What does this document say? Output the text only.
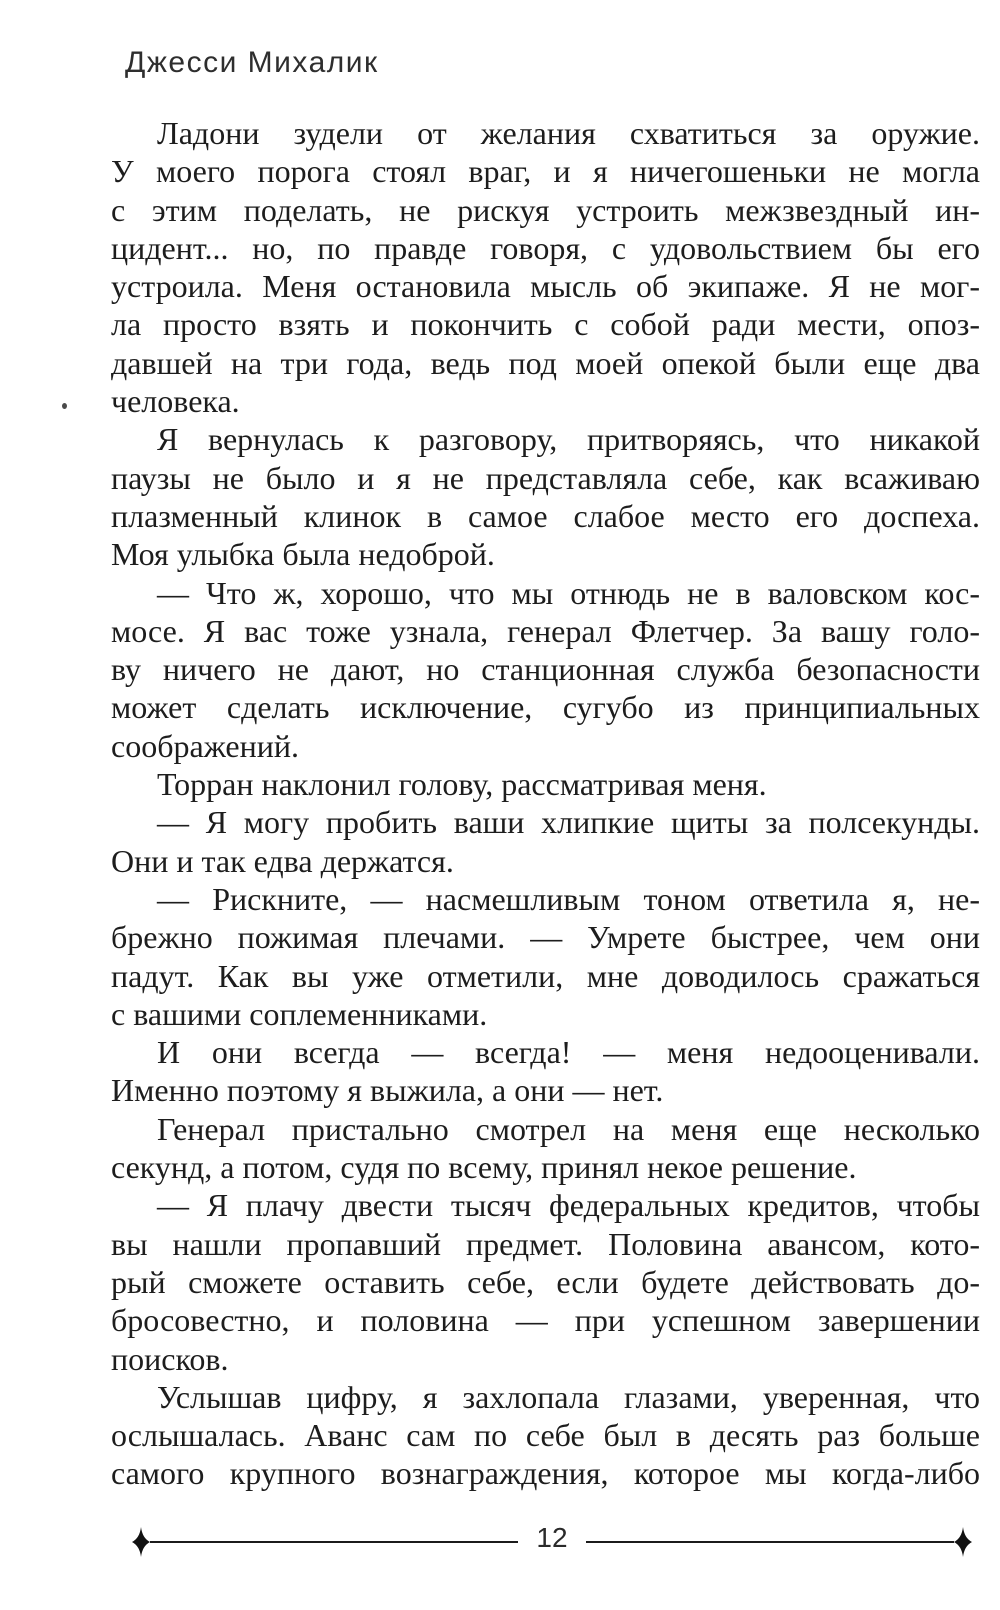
Джесси Михалик
Ладони зудели от желания схватиться за оружие.
У моего порога стоял враг, и я ничегошеньки не могла
с этим поделать, не рискуя устроить межзвездный ин-
цидент... но, по правде говоря, с удовольствием бы его
устроила. Меня остановила мысль об экипаже. Я не мог-
ла просто взять и покончить с собой ради мести, опоз-
давшей на три года, ведь под моей опекой были еще два
человека.
Я вернулась к разговору, притворяясь, что никакой
паузы не было и я не представляла себе, как всаживаю
плазменный клинок в самое слабое место его доспеха.
Моя улыбка была недоброй.
— Что ж, хорошо, что мы отнюдь не в валовском кос-
мосе. Я вас тоже узнала, генерал Флетчер. За вашу голо-
ву ничего не дают, но станционная служба безопасности
может сделать исключение, сугубо из принципиальных
соображений.
Торран наклонил голову, рассматривая меня.
— Я могу пробить ваши хлипкие щиты за полсекунды.
Они и так едва держатся.
— Рискните, — насмешливым тоном ответила я, не-
брежно пожимая плечами. — Умрете быстрее, чем они
падут. Как вы уже отметили, мне доводилось сражаться
с вашими соплеменниками.
И они всегда — всегда! — меня недооценивали.
Именно поэтому я выжила, а они — нет.
Генерал пристально смотрел на меня еще несколько
секунд, а потом, судя по всему, принял некое решение.
— Я плачу двести тысяч федеральных кредитов, чтобы
вы нашли пропавший предмет. Половина авансом, кото-
рый сможете оставить себе, если будете действовать до-
бросовестно, и половина — при успешном завершении
поисков.
Услышав цифру, я захлопала глазами, уверенная, что
ослышалась. Аванс сам по себе был в десять раз больше
самого крупного вознаграждения, которое мы когда-либо
12
